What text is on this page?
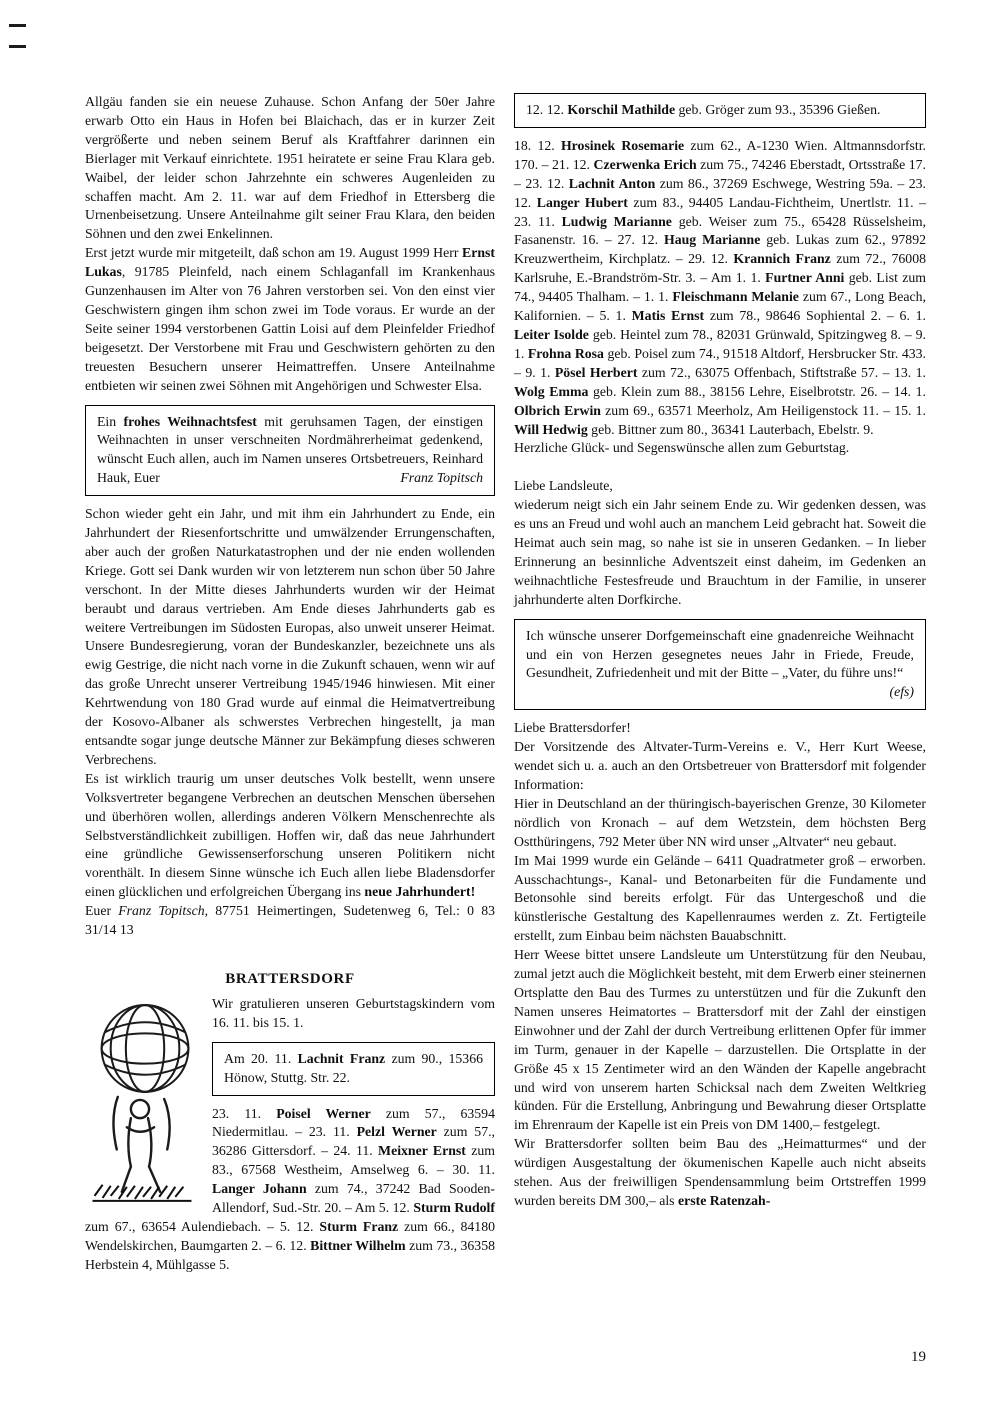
Allgäu fanden sie ein neuese Zuhause. Schon Anfang der 50er Jahre erwarb Otto ein Haus in Hofen bei Blaichach, das er in kurzer Zeit vergrößerte und neben seinem Beruf als Kraftfahrer darinnen ein Bierlager mit Verkauf einrichtete. 1951 heiratete er seine Frau Klara geb. Waibel, der leider schon Jahrzehnte ein schweres Augenleiden zu schaffen macht. Am 2. 11. war auf dem Friedhof in Ettersberg die Urnenbeisetzung. Unsere Anteilnahme gilt seiner Frau Klara, den beiden Söhnen und den zwei Enkelinnen.

Erst jetzt wurde mir mitgeteilt, daß schon am 19. August 1999 Herr Ernst Lukas, 91785 Pleinfeld, nach einem Schlaganfall im Krankenhaus Gunzenhausen im Alter von 76 Jahren verstorben sei. Von den einst vier Geschwistern gingen ihm schon zwei im Tode voraus. Er wurde an der Seite seiner 1994 verstorbenen Gattin Loisi auf dem Pleinfelder Friedhof beigesetzt. Der Verstorbene mit Frau und Geschwistern gehörten zu den treuesten Besuchern unserer Heimattreffen. Unsere Anteilnahme entbieten wir seinen zwei Söhnen mit Angehörigen und Schwester Elsa.

Ein frohes Weihnachtsfest mit geruhsamen Tagen, der einstigen Weihnachten in unser verschneiten Nordmährerheimat gedenkend, wünscht Euch allen, auch im Namen unseres Ortsbetreuers, Reinhard Hauk, Euer	Franz Topitsch

Schon wieder geht ein Jahr, und mit ihm ein Jahrhundert zu Ende, ein Jahrhundert der Riesenfortschritte und umwälzender Errungenschaften, aber auch der großen Naturkatastrophen und der nie enden wollenden Kriege. Gott sei Dank wurden wir von letzterem nun schon über 50 Jahre verschont. In der Mitte dieses Jahrhunderts wurden wir der Heimat beraubt und daraus vertrieben. Am Ende dieses Jahrhunderts gab es weitere Vertreibungen im Südosten Europas, also unweit unserer Heimat. Unsere Bundesregierung, voran der Bundeskanzler, bezeichnete uns als ewig Gestrige, die nicht nach vorne in die Zukunft schauen, wenn wir auf das große Unrecht unserer Vertreibung 1945/1946 hinwiesen. Mit einer Kehrtwendung von 180 Grad wurde auf einmal die Heimatvertreibung der Kosovo-Albaner als schwerstes Verbrechen hingestellt, ja man entsandte sogar junge deutsche Männer zur Bekämpfung dieses schweren Verbrechens.

Es ist wirklich traurig um unser deutsches Volk bestellt, wenn unsere Volksvertreter begangene Verbrechen an deutschen Menschen übersehen und überhören wollen, allerdings anderen Völkern Menschenrechte als Selbstverständlichkeit zubilligen. Hoffen wir, daß das neue Jahrhundert eine gründliche Gewissenserforschung unseren Politikern nicht vorenthält. In diesem Sinne wünsche ich Euch allen liebe Bladensdorfer einen glücklichen und erfolgreichen Übergang ins neue Jahrhundert!

Euer Franz Topitsch, 87751 Heimertingen, Sudetenweg 6, Tel.: 0 83 31/14 13

BRATTERSDORF

Wir gratulieren unseren Geburtstagskindern vom 16. 11. bis 15. 1.

Am 20. 11. Lachnit Franz zum 90., 15366 Hönow, Stuttg. Str. 22.

23. 11. Poisel Werner zum 57., 63594 Niedermitlau. – 23. 11. Pelzl Werner zum 57., 36286 Gittersdorf. – 24. 11. Meixner Ernst zum 83., 67568 Westheim, Amselweg 6. – 30. 11. Langer Johann zum 74., 37242 Bad Sooden-Allendorf, Sud.-Str. 20. – Am 5. 12. Sturm Rudolf zum 67., 63654 Aulendiebach. – 5. 12. Sturm Franz zum 66., 84180 Wendelskirchen, Baumgarten 2. – 6. 12. Bittner Wilhelm zum 73., 36358 Herbstein 4, Mühlgasse 5.

12. 12. Korschil Mathilde geb. Gröger zum 93., 35396 Gießen.

18. 12. Hrosinek Rosemarie zum 62., A-1230 Wien. Altmannsdorfstr. 170. – 21. 12. Czerwenka Erich zum 75., 74246 Eberstadt, Ortsstraße 17. – 23. 12. Lachnit Anton zum 86., 37269 Eschwege, Westring 59a. – 23. 12. Langer Hubert zum 83., 94405 Landau-Fichtheim, Unertlstr. 11. – 23. 11. Ludwig Marianne geb. Weiser zum 75., 65428 Rüsselsheim, Fasanenstr. 16. – 27. 12. Haug Marianne geb. Lukas zum 62., 97892 Kreuzwertheim, Kirchplatz. – 29. 12. Krannich Franz zum 72., 76008 Karlsruhe, E.-Brandström-Str. 3. – Am 1. 1. Furtner Anni geb. List zum 74., 94405 Thalham. – 1. 1. Fleischmann Melanie zum 67., Long Beach, Kalifornien. – 5. 1. Matis Ernst zum 78., 98646 Sophiental 2. – 6. 1. Leiter Isolde geb. Heintel zum 78., 82031 Grünwald, Spitzingweg 8. – 9. 1. Frohna Rosa geb. Poisel zum 74., 91518 Altdorf, Hersbrucker Str. 433. – 9. 1. Pösel Herbert zum 72., 63075 Offenbach, Stiftstraße 57. – 13. 1. Wolg Emma geb. Klein zum 88., 38156 Lehre, Eiselbrotstr. 26. – 14. 1. Olbrich Erwin zum 69., 63571 Meerholz, Am Heiligenstock 11. – 15. 1. Will Hedwig geb. Bittner zum 80., 36341 Lauterbach, Ebelstr. 9.

Herzliche Glück- und Segenswünsche allen zum Geburtstag.

Liebe Landsleute,

wiederum neigt sich ein Jahr seinem Ende zu. Wir gedenken dessen, was es uns an Freud und wohl auch an manchem Leid gebracht hat. Soweit die Heimat auch sein mag, so nahe ist sie in unseren Gedanken. – In lieber Erinnerung an besinnliche Adventszeit einst daheim, im Gedenken an weihnachtliche Festesfreude und Brauchtum in der Familie, in unserer jahrhunderte alten Dorfkirche.

Ich wünsche unserer Dorfgemeinschaft eine gnadenreiche Weihnacht und ein von Herzen gesegnetes neues Jahr in Friede, Freude, Gesundheit, Zufriedenheit und mit der Bitte – „Vater, du führe uns!“
(efs)

Liebe Brattersdorfer!

Der Vorsitzende des Altvater-Turm-Vereins e. V., Herr Kurt Weese, wendet sich u. a. auch an den Ortsbetreuer von Brattersdorf mit folgender Information:

Hier in Deutschland an der thüringisch-bayerischen Grenze, 30 Kilometer nördlich von Kronach – auf dem Wetzstein, dem höchsten Berg Ostthüringens, 792 Meter über NN wird unser „Altvater“ neu gebaut.

Im Mai 1999 wurde ein Gelände – 6411 Quadratmeter groß – erworben. Ausschachtungs-, Kanal- und Betonarbeiten für die Fundamente und Betonsohle sind bereits erfolgt. Für das Untergeschoß und die künstlerische Gestaltung des Kapellenraumes werden z. Zt. Fertigteile erstellt, zum Einbau beim nächsten Bauabschnitt.

Herr Weese bittet unsere Landsleute um Unterstützung für den Neubau, zumal jetzt auch die Möglichkeit besteht, mit dem Erwerb einer steinernen Ortsplatte den Bau des Turmes zu unterstützen und für die Zukunft den Namen unseres Heimatortes – Brattersdorf mit der Zahl der einstigen Einwohner und der Zahl der durch Vertreibung erlittenen Opfer für immer im Turm, genauer in der Kapelle – darzustellen. Die Ortsplatte in der Größe 45 x 15 Zentimeter wird an den Wänden der Kapelle angebracht und wird von unserem harten Schicksal nach dem Zweiten Weltkrieg künden. Für die Erstellung, Anbringung und Bewahrung dieser Ortsplatte im Ehrenraum der Kapelle ist ein Preis von DM 1400,– festgelegt.

Wir Brattersdorfer sollten beim Bau des „Heimatturmes“ und der würdigen Ausgestaltung der ökumenischen Kapelle auch nicht abseits stehen. Aus der freiwilligen Spendensammlung beim Ortstreffen 1999 wurden bereits DM 300,– als erste Ratenzah-

19
